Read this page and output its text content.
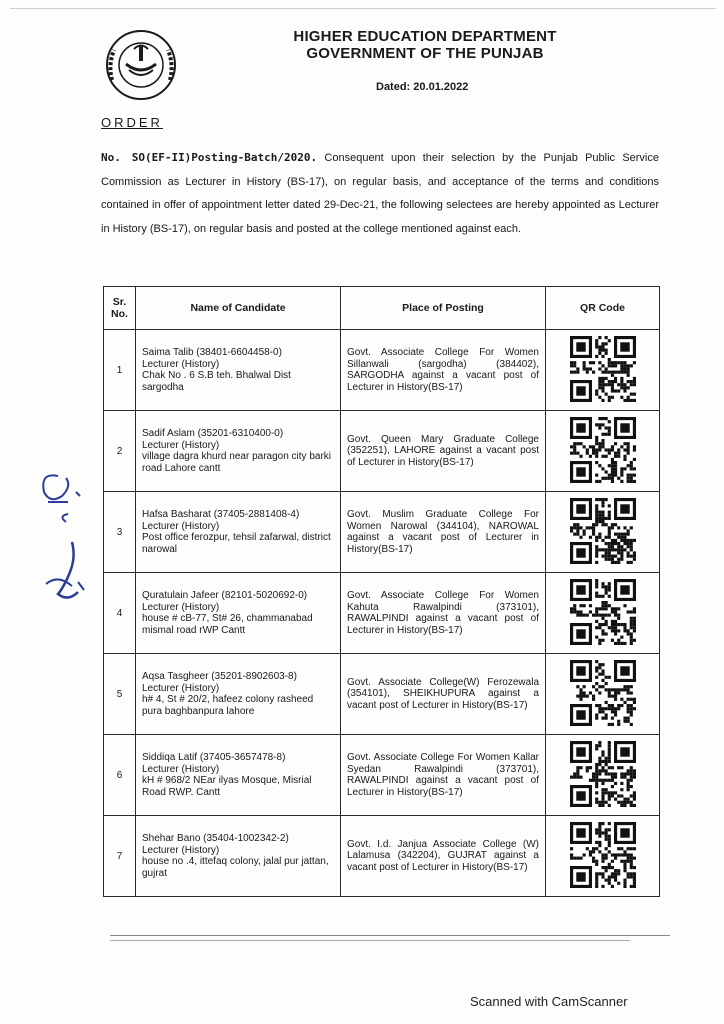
HIGHER EDUCATION DEPARTMENT
GOVERNMENT OF THE PUNJAB
Dated: 20.01.2022
ORDER
No. SO(EF-II)Posting-Batch/2020. Consequent upon their selection by the Punjab Public Service Commission as Lecturer in History (BS-17), on regular basis, and acceptance of the terms and conditions contained in offer of appointment letter dated 29-Dec-21, the following selectees are hereby appointed as Lecturer in History (BS-17), on regular basis and posted at the college mentioned against each.
Sr. No.	Name of Candidate	Place of Posting	QR Code
1	Saima Talib (38401-6604458-0)
Lecturer (History)
Chak No . 6 S.B teh. Bhalwal Dist sargodha	Govt. Associate College For Women Sillanwali (sargodha) (384402), SARGODHA against a vacant post of Lecturer in History(BS-17)

2	Sadif Aslam (35201-6310400-0)
Lecturer (History)
village dagra khurd near paragon city barki road Lahore cantt	Govt. Queen Mary Graduate College (352251), LAHORE against a vacant post of Lecturer in History(BS-17)

3	Hafsa Basharat (37405-2881408-4)
Lecturer (History)
Post office ferozpur, tehsil zafarwal, district narowal	Govt. Muslim Graduate College For Women Narowal (344104), NAROWAL against a vacant post of Lecturer in History(BS-17)

4	Quratulain Jafeer (82101-5020692-0)
Lecturer (History)
house # cB-77, St# 26, chammanabad mismal road rWP Cantt	Govt. Associate College For Women Kahuta Rawalpindi (373101), RAWALPINDI against a vacant post of Lecturer in History(BS-17)

5	Aqsa Tasgheer (35201-8902603-8)
Lecturer (History)
h# 4, St # 20/2, hafeez colony rasheed pura baghbanpura lahore	Govt. Associate College(W) Ferozewala (354101), SHEIKHUPURA against a vacant post of Lecturer in History(BS-17)

6	Siddiqa Latif (37405-3657478-8)
Lecturer (History)
kH # 968/2 NEar ilyas Mosque, Misrial Road RWP. Cantt	Govt. Associate College For Women Kallar Syedan Rawalpindi (373701), RAWALPINDI against a vacant post of Lecturer in History(BS-17)

7	Shehar Bano (35404-1002342-2)
Lecturer (History)
house no .4, ittefaq colony, jalal pur jattan, gujrat	Govt. I.d. Janjua Associate College (W) Lalamusa (342204), GUJRAT against a vacant post of Lecturer in History(BS-17)

Scanned with CamScanner
